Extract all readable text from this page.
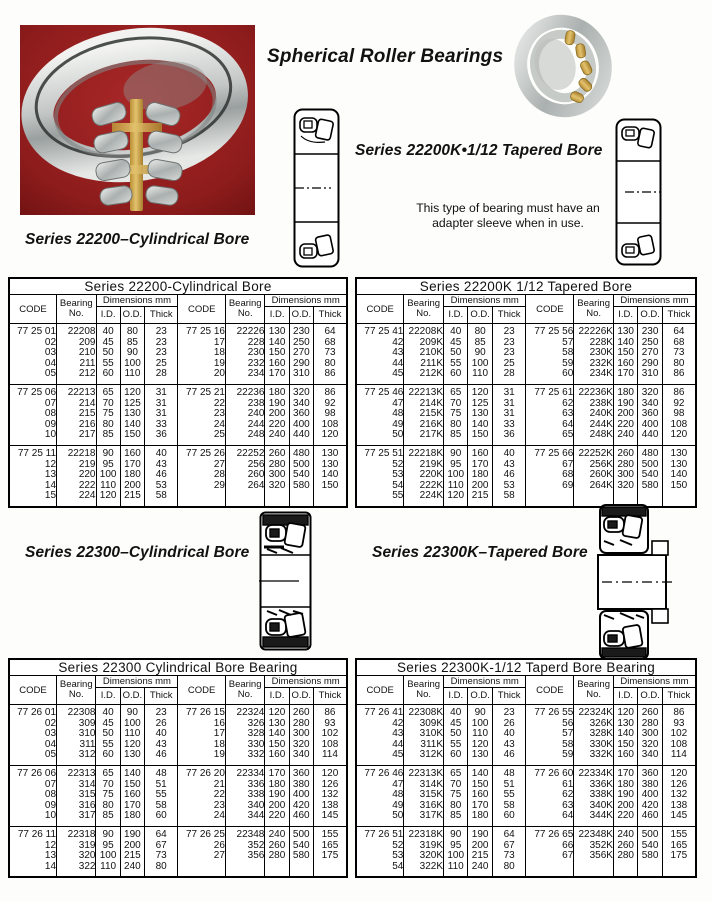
Spherical Roller Bearings
Series 22200K•1/12 Tapered Bore
This type of bearing must have an
adapter sleeve when in use.
Series 22200–Cylindrical Bore
Series 22200-Cylindrical Bore									
CODE	Bearing No.	Dimensions mm			CODE	Bearing No.	Dimensions mm		
		I.D.	O.D.	Thick			I.D.	O.D.	Thick
77 25 01	22208	40	80	23	77 25 16	22226	130	230	64
02	209	45	85	23	17	228	140	250	68
03	210	50	90	23	18	230	150	270	73
04	211	55	100	25	19	232	160	290	80
05	212	60	110	28	20	234	170	310	86
77 25 06	22213	65	120	31	77 25 21	22236	180	320	86
07	214	70	125	31	22	238	190	340	92
08	215	75	130	31	23	240	200	360	98
09	216	80	140	33	24	244	220	400	108
10	217	85	150	36	25	248	240	440	120
77 25 11	22218	90	160	40	77 25 26	22252	260	480	130
12	219	95	170	43	27	256	280	500	130
13	220	100	180	46	28	260	300	540	140
14	222	110	200	53	29	264	320	580	150
15	224	120	215	58					
Series 22200K 1/12 Tapered Bore									
CODE	Bearing No.	Dimensions mm			CODE	Bearing No.	Dimensions mm		
		I.D.	O.D.	Thick			I.D.	O.D.	Thick
77 25 41	22208K	40	80	23	77 25 56	22226K	130	230	64
42	209K	45	85	23	57	228K	140	250	68
43	210K	50	90	23	58	230K	150	270	73
44	211K	55	100	25	59	232K	160	290	80
45	212K	60	110	28	60	234K	170	310	86
77 25 46	22213K	65	120	31	77 25 61	22236K	180	320	86
47	214K	70	125	31	62	238K	190	340	92
48	215K	75	130	31	63	240K	200	360	98
49	216K	80	140	33	64	244K	220	400	108
50	217K	85	150	36	65	248K	240	440	120
77 25 51	22218K	90	160	40	77 25 66	22252K	260	480	130
52	219K	95	170	43	67	256K	280	500	130
53	220K	100	180	46	68	260K	300	540	140
54	222K	110	200	53	69	264K	320	580	150
55	224K	120	215	58					
Series 22300–Cylindrical Bore	Series 22300K–Tapered Bore
Series 22300 Cylindrical Bore Bearing									
CODE	Bearing No.	Dimensions mm			CODE	Bearing No.	Dimensions mm		
		I.D.	O.D.	Thick			I.D.	O.D.	Thick
77 26 01	22308	40	90	23	77 26 15	22324	120	260	86
02	309	45	100	26	16	326	130	280	93
03	310	50	110	40	17	328	140	300	102
04	311	55	120	43	18	330	150	320	108
05	312	60	130	46	19	332	160	340	114
77 26 06	22313	65	140	48	77 26 20	22334	170	360	120
07	314	70	150	51	21	336	180	380	126
08	315	75	160	55	22	338	190	400	132
09	316	80	170	58	23	340	200	420	138
10	317	85	180	60	24	344	220	460	145
77 26 11	22318	90	190	64	77 26 25	22348	240	500	155
12	319	95	200	67	26	352	260	540	165
13	320	100	215	73	27	356	280	580	175
14	322	110	240	80					
Series 22300K-1/12 Taperd Bore Bearing									
CODE	Bearing No.	Dimensions mm			CODE	Bearing No.	Dimensions mm		
		I.D.	O.D.	Thick			I.D.	O.D.	Thick
77 26 41	22308K	40	90	23	77 26 55	22324K	120	260	86
42	309K	45	100	26	56	326K	130	280	93
43	310K	50	110	40	57	328K	140	300	102
44	311K	55	120	43	58	330K	150	320	108
45	312K	60	130	46	59	332K	160	340	114
77 26 46	22313K	65	140	48	77 26 60	22334K	170	360	120
47	314K	70	150	51	61	336K	180	380	126
48	315K	75	160	55	62	338K	190	400	132
49	316K	80	170	58	63	340K	200	420	138
50	317K	85	180	60	64	344K	220	460	145
77 26 51	22318K	90	190	64	77 26 65	22348K	240	500	155
52	319K	95	200	67	66	352K	260	540	165
53	320K	100	215	73	67	356K	280	580	175
54	322K	110	240	80					
